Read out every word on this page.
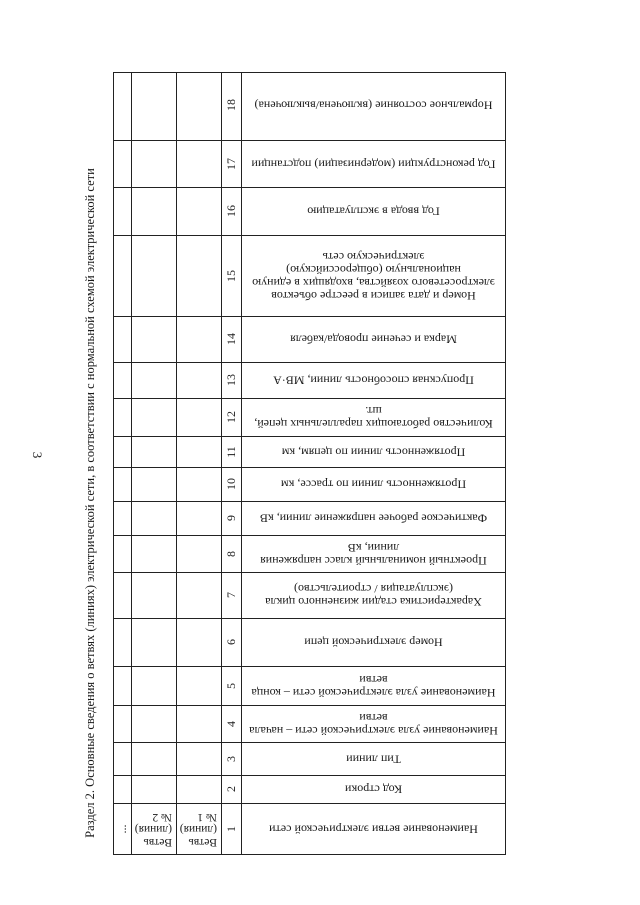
3	Раздел 2. Основные сведения о ветвях (линиях) электрической сети, в соответствии с нормальной схемой электрической сети	Наименование ветви электрической сети
1
Ветвь (линия) № 1
Ветвь (линия) № 2
...
Код строки
2
Тип линии
3
Наименование узла электрической сети – начала ветви
4
Наименование узла электрической сети – конца ветви
5
Номер электрической цепи
6
Характеристика стадии жизненного цикла (эксплуатация / строительство)
7
Проектный номинальный класс напряжения линии, кВ
8
Фактическое рабочее напряжение линии, кВ
9
Протяженность линии по трассе, км
10
Протяженность линии по цепям, км
11
Количество работающих параллельных цепей, шт.
12
Пропускная способность линии, МВ·А
13
Марка и сечение провода/кабеля
14
Номер и дата записи в реестре объектов электросетевого хозяйства, входящих в единую национальную (общероссийскую) электрическую сеть
15
Год ввода в эксплуатацию
16
Год реконструкции (модернизации) подстанции
17
Нормальное состояние (включена/выключена)
18
